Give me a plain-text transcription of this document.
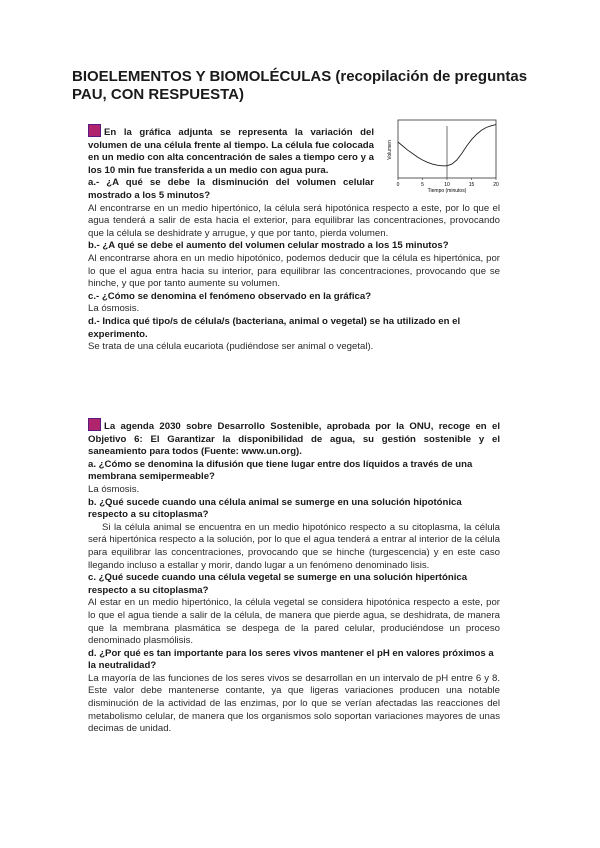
BIOELEMENTOS Y BIOMOLÉCULAS (recopilación de preguntas PAU, CON RESPUESTA)

En la gráfica adjunta se representa la variación del volumen de una célula frente al tiempo. La célula fue colocada en un medio con alta concentración de sales a tiempo cero y a los 10 min fue transferida a un medio con agua pura.

a.- ¿A qué se debe la disminución del volumen celular mostrado a los 5 minutos?

Al encontrarse en un medio hipertónico, la célula será hipotónica respecto a este, por lo que el agua tenderá a salir de esta hacia el exterior, para equilibrar las concentraciones, provocando que la célula se deshidrate y arrugue, y que por tanto, pierda volumen.

b.- ¿A qué se debe el aumento del volumen celular mostrado a los 15 minutos?

Al encontrarse ahora en un medio hipotónico, podemos deducir que la célula es hipertónica, por lo que el agua entra hacia su interior, para equilibrar las concentraciones, provocando que se hinche, y que por tanto aumente su volumen.

c.- ¿Cómo se denomina el fenómeno observado en la gráfica?

La ósmosis.

d.- Indica qué tipo/s de célula/s (bacteriana, animal o vegetal) se ha utilizado en el experimento.

Se trata de una célula eucariota (pudiéndose ser animal o vegetal).

Volumen
Tiempo (minutos)
0	5	10	15	20

La agenda 2030 sobre Desarrollo Sostenible, aprobada por la ONU, recoge en el Objetivo 6: El Garantizar la disponibilidad de agua, su gestión sostenible y el saneamiento para todos (Fuente: www.un.org).

a. ¿Cómo se denomina la difusión que tiene lugar entre dos líquidos a través de una membrana semipermeable?

La ósmosis.

b. ¿Qué sucede cuando una célula animal se sumerge en una solución hipotónica respecto a su citoplasma?

Si la célula animal se encuentra en un medio hipotónico respecto a su citoplasma, la célula será hipertónica respecto a la solución, por lo que el agua tenderá a entrar al interior de la célula para equilibrar las concentraciones, provocando que se hinche (turgescencia) y en este caso llegando incluso a estallar y morir, dando lugar a un fenómeno denominado lisis.

c. ¿Qué sucede cuando una célula vegetal se sumerge en una solución hipertónica respecto a su citoplasma?

Al estar en un medio hipertónico, la célula vegetal se considera hipotónica respecto a este, por lo que el agua tiende a salir de la célula, de manera que pierde agua, se deshidrata, de manera que la membrana plasmática se despega de la pared celular, produciéndose un proceso denominado plasmólisis.

d. ¿Por qué es tan importante para los seres vivos mantener el pH en valores próximos a la neutralidad?

La mayoría de las funciones de los seres vivos se desarrollan en un intervalo de pH entre 6 y 8. Este valor debe mantenerse contante, ya que ligeras variaciones producen una notable disminución de la actividad de las enzimas, por lo que se verían afectadas las reacciones del metabolismo celular, de manera que los organismos solo soportan variaciones mayores de unas decimas de unidad.
